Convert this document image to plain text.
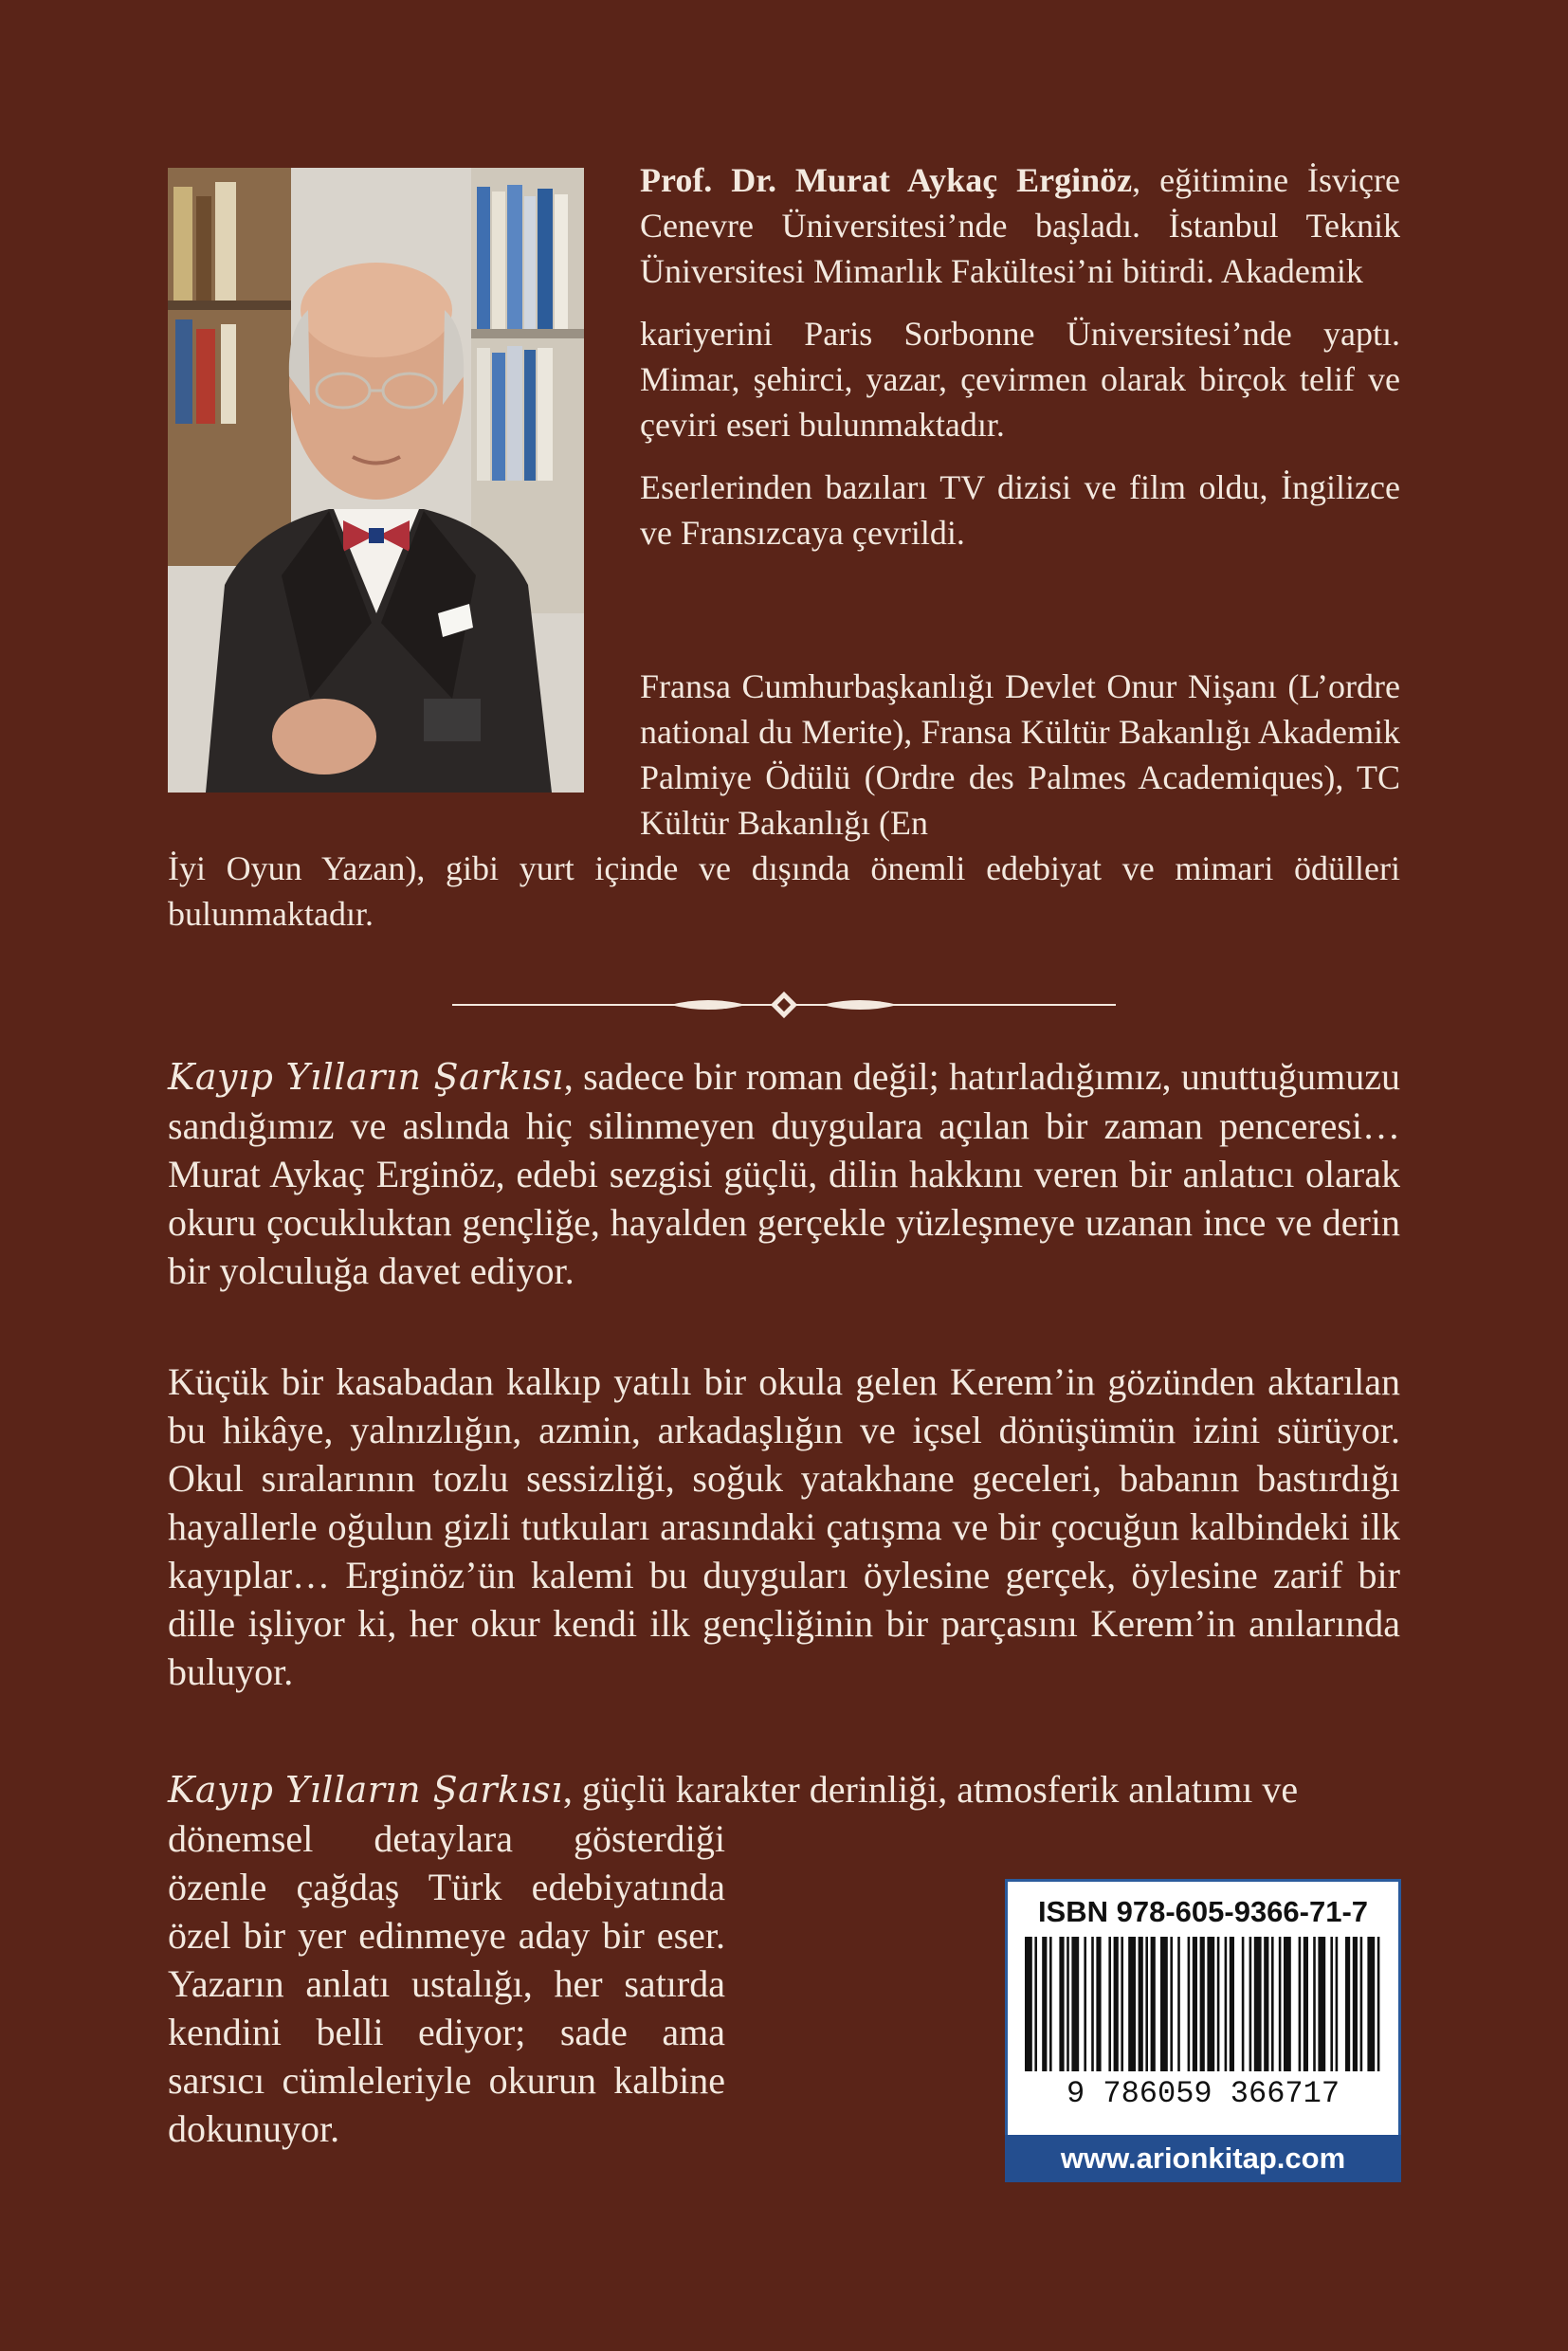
Prof. Dr. Murat Aykaç Erginöz, eğitimine İsviçre Cenevre Üniversitesi’nde başladı. İstanbul Teknik Üniversitesi Mimarlık Fakültesi’ni bitirdi. Akademik

kariyerini Paris Sorbonne Üniversitesi’nde yaptı. Mimar, şehirci, yazar, çevirmen olarak birçok telif ve çeviri eseri bulunmaktadır.

Eserlerinden bazıları TV dizisi ve film oldu, İngilizce ve Fransızcaya çevrildi.

Fransa Cumhurbaşkanlığı Devlet Onur Nişanı (L’ordre national du Merite), Fransa Kültür Bakanlığı Akademik Palmiye Ödülü (Ordre des Palmes Academiques), TC Kültür Bakanlığı (En

İyi Oyun Yazan), gibi yurt içinde ve dışında önemli edebiyat ve mimari ödülleri bulunmaktadır.

Kayıp Yılların Şarkısı, sadece bir roman değil; hatırladığımız, unuttuğumuzu sandığımız ve aslında hiç silinmeyen duygulara açılan bir zaman penceresi… Murat Aykaç Erginöz, edebi sezgisi güçlü, dilin hakkını veren bir anlatıcı olarak okuru çocukluktan gençliğe, hayalden gerçekle yüzleşmeye uzanan ince ve derin bir yolculuğa davet ediyor.

Küçük bir kasabadan kalkıp yatılı bir okula gelen Kerem’in gözünden aktarılan bu hikâye, yalnızlığın, azmin, arkadaşlığın ve içsel dönüşümün izini sürüyor. Okul sıralarının tozlu sessizliği, soğuk yatakhane geceleri, babanın bastırdığı hayallerle oğulun gizli tutkuları arasındaki çatışma ve bir çocuğun kalbindeki ilk kayıplar… Erginöz’ün kalemi bu duyguları öylesine gerçek, öylesine zarif bir dille işliyor ki, her okur kendi ilk gençliğinin bir parçasını Kerem’in anılarında buluyor.

Kayıp Yılların Şarkısı, güçlü karakter derinliği, atmosferik anlatımı ve
dönemsel detaylara gösterdiği özenle çağdaş Türk edebiyatında özel bir yer edinmeye aday bir eser. Yazarın anlatı ustalığı, her satırda kendini belli ediyor; sade ama sarsıcı cümleleriyle okurun kalbine dokunuyor.
ISBN 978-605-9366-71-7
9 786059 366717
www.arionkitap.com
